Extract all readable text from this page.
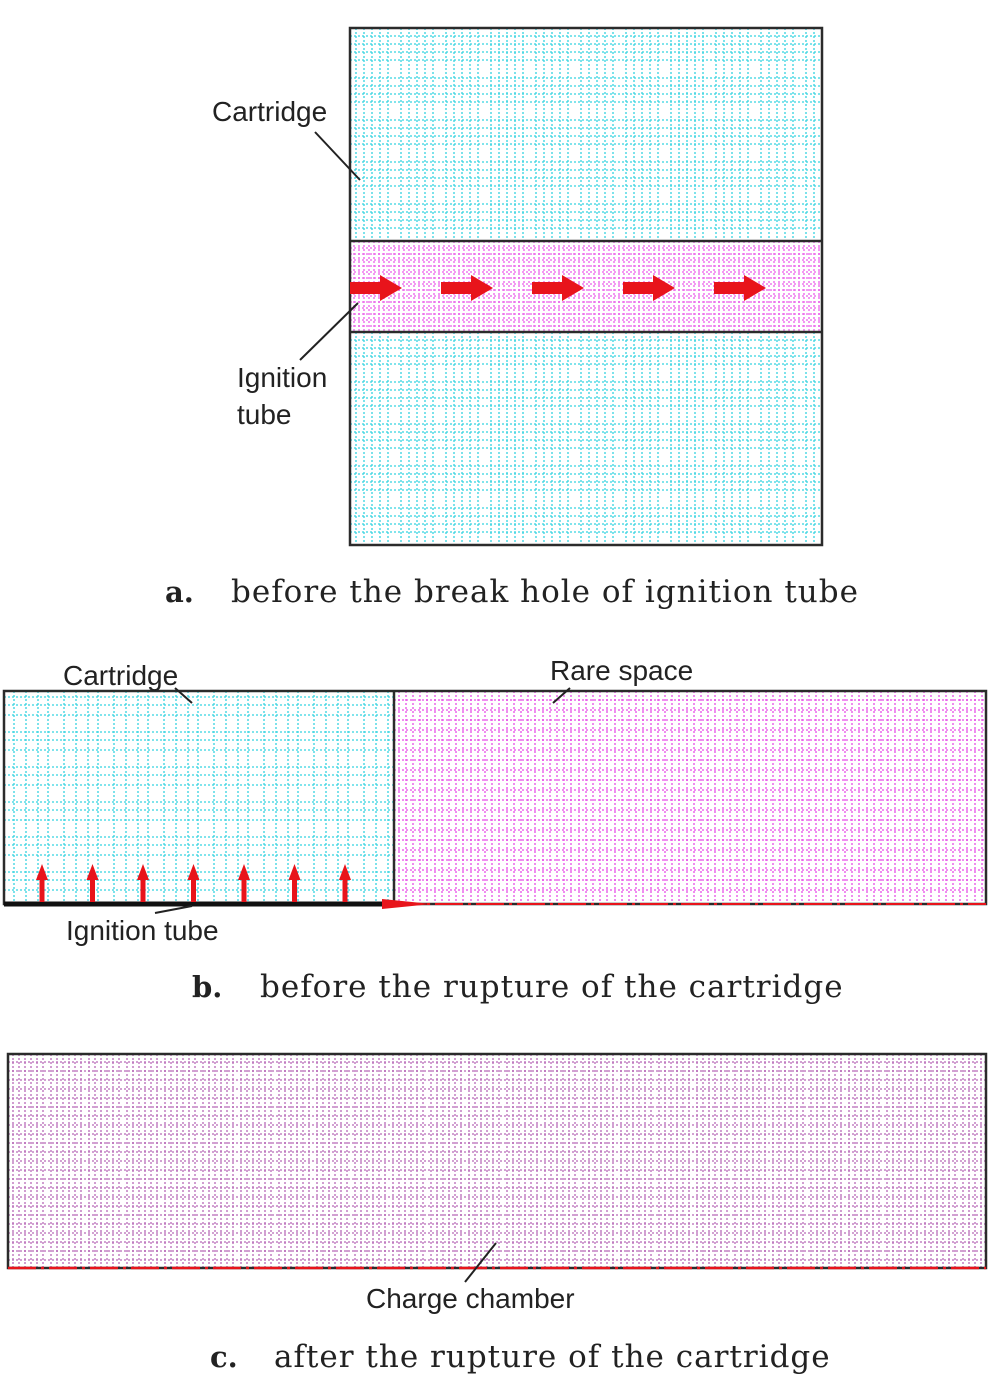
Cartridge
Ignition
tube
a. before the break hole of ignition tube
Cartridge	Rare space
Ignition tube
b. before the rupture of the cartridge
Charge chamber
c. after the rupture of the cartridge
